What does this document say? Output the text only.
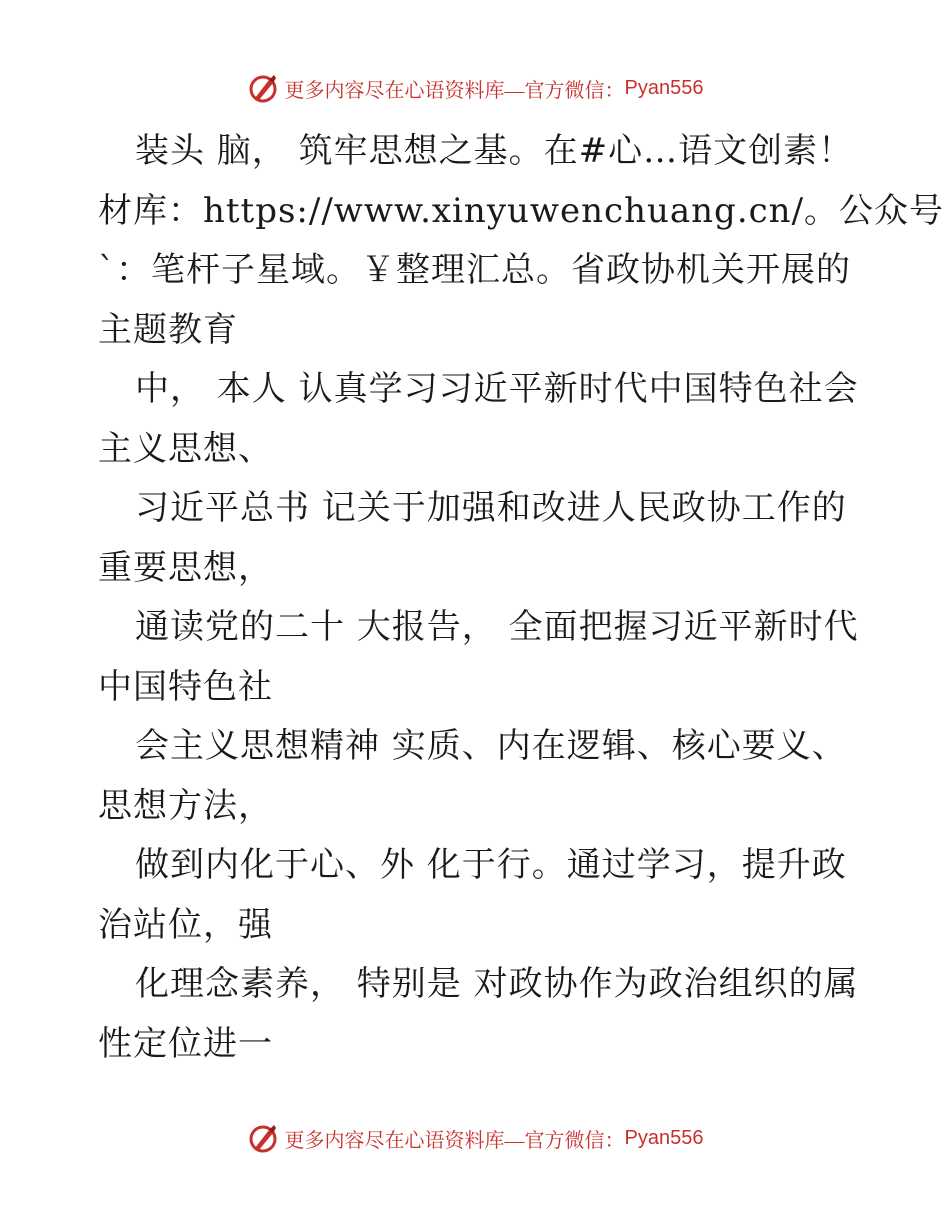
更多内容尽在心语资料库—官方微信： Pyan556
装头 脑， 筑牢思想之基。在#心…语文创素！
材库：https://www.xinyuwenchuang.cn/。公众号
`：笔杆子星域。￥整理汇总。省政协机关开展的
主题教育
中， 本人 认真学习习近平新时代中国特色社会
主义思想、
习近平总书 记关于加强和改进人民政协工作的
重要思想，
通读党的二十 大报告， 全面把握习近平新时代
中国特色社
会主义思想精神 实质、内在逻辑、核心要义、
思想方法，
做到内化于心、外 化于行。通过学习，提升政
治站位，强
化理念素养， 特别是 对政协作为政治组织的属
性定位进一
更多内容尽在心语资料库—官方微信： Pyan556
